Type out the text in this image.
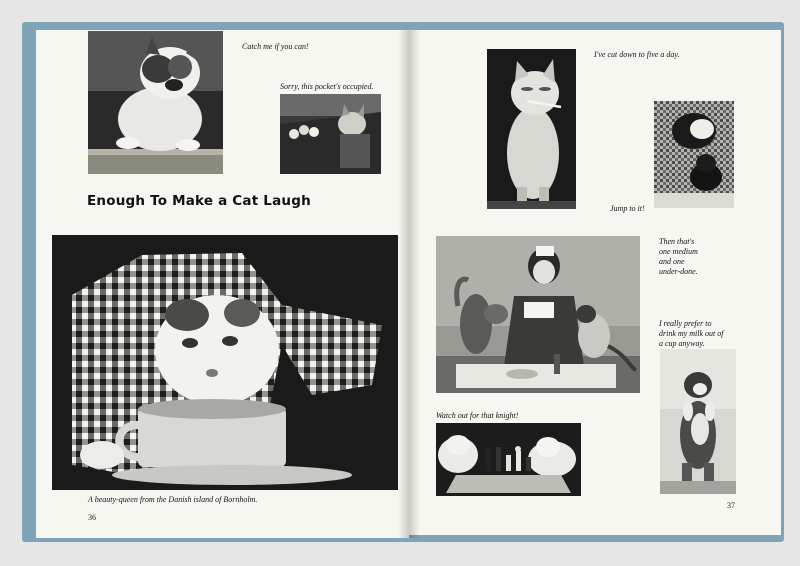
Catch me if you can!
Sorry, this pocket's occupied.
Enough To Make a Cat Laugh
A beauty-queen from the Danish island of Bornholm.
36
I've cut down to five a day.
Jump to it!
Then that's
one medium
and one
under-done.
I really prefer to
drink my milk out of
a cup anyway.
Watch out for that knight!
37
